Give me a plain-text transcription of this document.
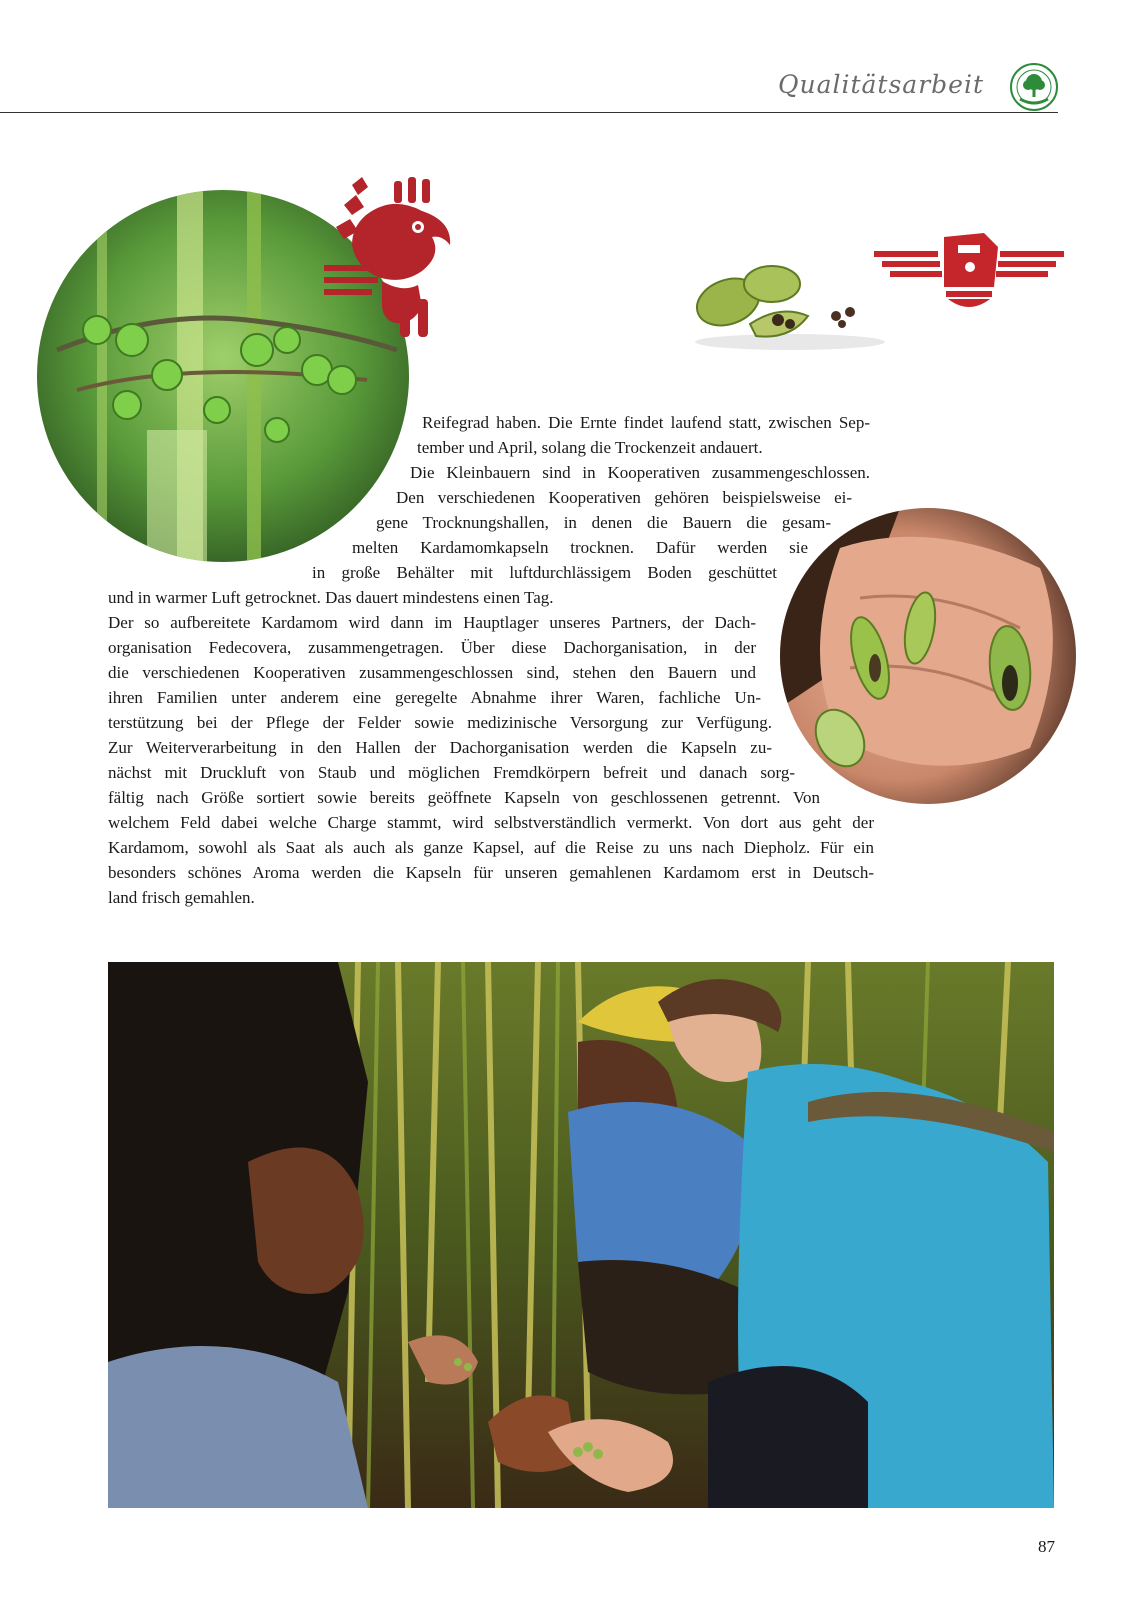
Qualitätsarbeit
Reifegrad haben. Die Ernte findet laufend statt, zwischen Sep-
tember und April, solang die Trockenzeit andauert.
Die Kleinbauern sind in Kooperativen zusammengeschlossen.
Den verschiedenen Kooperativen gehören beispielsweise ei-
gene Trocknungshallen, in denen die Bauern die gesam-
melten Kardamomkapseln trocknen. Dafür werden sie
in große Behälter mit luftdurchlässigem Boden geschüttet
und in warmer Luft getrocknet. Das dauert mindestens einen Tag.
Der so aufbereitete Kardamom wird dann im Hauptlager unseres Partners, der Dach-
organisation Fedecovera, zusammengetragen. Über diese Dachorganisation, in der
die verschiedenen Kooperativen zusammengeschlossen sind, stehen den Bauern und
ihren Familien unter anderem eine geregelte Abnahme ihrer Waren, fachliche Un-
terstützung bei der Pflege der Felder sowie medizinische Versorgung zur Verfügung.
Zur Weiterverarbeitung in den Hallen der Dachorganisation werden die Kapseln zu-
nächst mit Druckluft von Staub und möglichen Fremdkörpern befreit und danach sorg-
fältig nach Größe sortiert sowie bereits geöffnete Kapseln von geschlossenen getrennt. Von
welchem Feld dabei welche Charge stammt, wird selbstverständlich vermerkt. Von dort aus geht der
Kardamom, sowohl als Saat als auch als ganze Kapsel, auf die Reise zu uns nach Diepholz. Für ein
besonders schönes Aroma werden die Kapseln für unseren gemahlenen Kardamom erst in Deutsch-
land frisch gemahlen.
87
